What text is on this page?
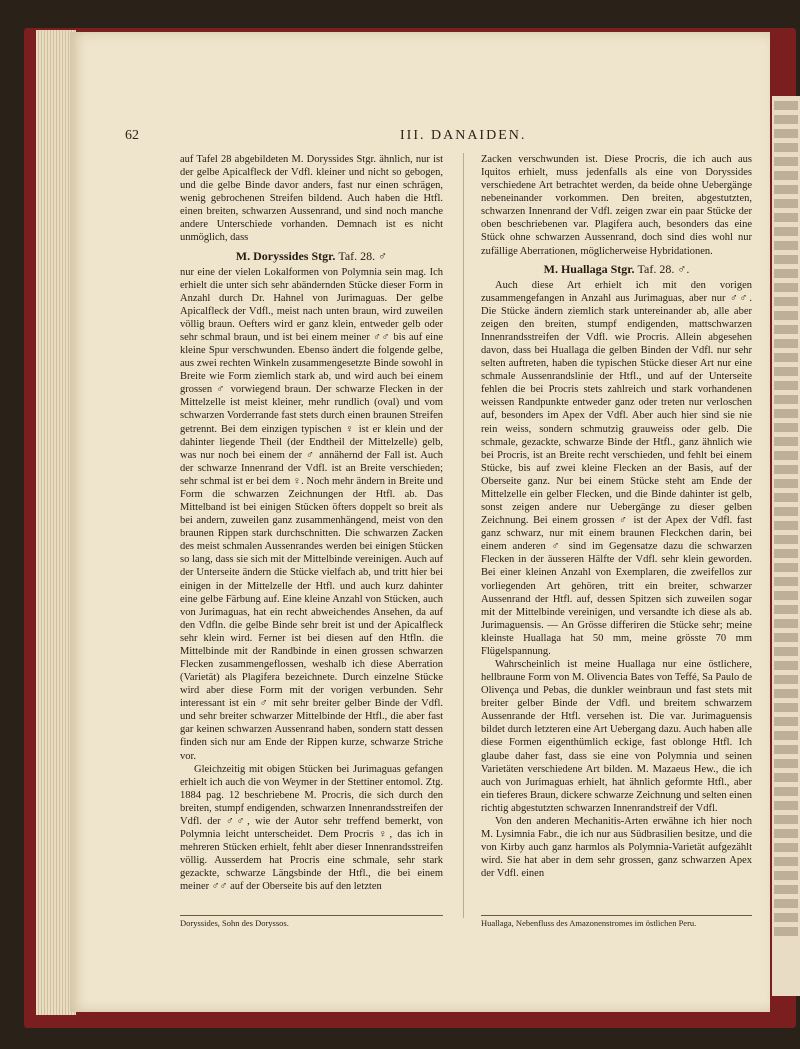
62	III. DANAIDEN.

auf Tafel 28 abgebildeten M. Doryssides Stgr. ähnlich, nur ist der gelbe Apicalfleck der Vdfl. kleiner und nicht so gebogen, und die gelbe Binde davor anders, fast nur einen schrägen, wenig gebrochenen Streifen bildend. Auch haben die Htfl. einen breiten, schwarzen Aussenrand, und sind noch manche andere Unterschiede vorhanden. Demnach ist es nicht unmöglich, dass

M. Doryssides Stgr. Taf. 28. ♂

nur eine der vielen Lokalformen von Polymnia sein mag. Ich erhielt die unter sich sehr abändernden Stücke dieser Form in Anzahl durch Dr. Hahnel von Jurimaguas. Der gelbe Apicalfleck der Vdfl., meist nach unten braun, wird zuweilen völlig braun. Oefters wird er ganz klein, entweder gelb oder sehr schmal braun, und ist bei einem meiner ♂♂ bis auf eine kleine Spur verschwunden. Ebenso ändert die folgende gelbe, aus zwei rechten Winkeln zusammengesetzte Binde sowohl in Breite wie Form ziemlich stark ab, und wird auch bei einem grossen ♂ vorwiegend braun. Der schwarze Flecken in der Mittelzelle ist meist kleiner, mehr rundlich (oval) und vom schwarzen Vorderrande fast stets durch einen braunen Streifen getrennt. Bei dem einzigen typischen ♀ ist er klein und der dahinter liegende Theil (der Endtheil der Mittelzelle) gelb, was nur noch bei einem der ♂ annähernd der Fall ist. Auch der schwarze Innenrand der Vdfl. ist an Breite verschieden; sehr schmal ist er bei dem ♀. Noch mehr ändern in Breite und Form die schwarzen Zeichnungen der Htfl. ab. Das Mittelband ist bei einigen Stücken öfters doppelt so breit als bei andern, zuweilen ganz zusammenhängend, meist von den braunen Rippen stark durchschnitten. Die schwarzen Zacken des meist schmalen Aussenrandes werden bei einigen Stücken so lang, dass sie sich mit der Mittelbinde vereinigen. Auch auf der Unterseite ändern die Stücke vielfach ab, und tritt hier bei einigen in der Mittelzelle der Htfl. und auch kurz dahinter eine gelbe Färbung auf. Eine kleine Anzahl von Stücken, auch von Jurimaguas, hat ein recht abweichendes Ansehen, da auf den Vdfln. die gelbe Binde sehr breit ist und der Apicalfleck sehr klein wird. Ferner ist bei diesen auf den Htfln. die Mittelbinde mit der Randbinde in einen grossen schwarzen Flecken zusammengeflossen, weshalb ich diese Aberration (Varietät) als Plagifera bezeichnete. Durch einzelne Stücke wird aber diese Form mit der vorigen verbunden. Sehr interessant ist ein ♂ mit sehr breiter gelber Binde der Vdfl. und sehr breiter schwarzer Mittelbinde der Htfl., die aber fast gar keinen schwarzen Aussenrand haben, sondern statt dessen finden sich nur am Ende der Rippen kurze, schwarze Striche vor.

Gleichzeitig mit obigen Stücken bei Jurimaguas gefangen erhielt ich auch die von Weymer in der Stettiner entomol. Ztg. 1884 pag. 12 beschriebene M. Procris, die sich durch den breiten, stumpf endigenden, schwarzen Innenrandsstreifen der Vdfl. der ♂♂, wie der Autor sehr treffend bemerkt, von Polymnia leicht unterscheidet. Dem Procris ♀, das ich in mehreren Stücken erhielt, fehlt aber dieser Innenrandsstreifen völlig. Ausserdem hat Procris eine schmale, sehr stark gezackte, schwarze Längsbinde der Htfl., die bei einem meiner ♂♂ auf der Oberseite bis auf den letzten

Zacken verschwunden ist. Diese Procris, die ich auch aus Iquitos erhielt, muss jedenfalls als eine von Doryssides verschiedene Art betrachtet werden, da beide ohne Uebergänge nebeneinander vorkommen. Den breiten, abgestutzten, schwarzen Innenrand der Vdfl. zeigen zwar ein paar Stücke der oben beschriebenen var. Plagifera auch, besonders das eine Stück ohne schwarzen Aussenrand, doch sind dies wohl nur zufällige Aberrationen, möglicherweise Hybridationen.

M. Huallaga Stgr. Taf. 28. ♂.

Auch diese Art erhielt ich mit den vorigen zusammengefangen in Anzahl aus Jurimaguas, aber nur ♂♂. Die Stücke ändern ziemlich stark untereinander ab, alle aber zeigen den breiten, stumpf endigenden, mattschwarzen Innenrandsstreifen der Vdfl. wie Procris. Allein abgesehen davon, dass bei Huallaga die gelben Binden der Vdfl. nur sehr selten auftreten, haben die typischen Stücke dieser Art nur eine schmale Aussenrandslinie der Htfl., und auf der Unterseite fehlen die bei Procris stets zahlreich und stark vorhandenen weissen Randpunkte entweder ganz oder treten nur verloschen auf, besonders im Apex der Vdfl. Aber auch hier sind sie nie rein weiss, sondern schmutzig grauweiss oder gelb. Die schmale, gezackte, schwarze Binde der Htfl., ganz ähnlich wie bei Procris, ist an Breite recht verschieden, und fehlt bei einem Stücke, bis auf zwei kleine Flecken an der Basis, auf der Oberseite ganz. Nur bei einem Stücke steht am Ende der Mittelzelle ein gelber Flecken, und die Binde dahinter ist gelb, sonst zeigen andere nur Uebergänge zu dieser gelben Zeichnung. Bei einem grossen ♂ ist der Apex der Vdfl. fast ganz schwarz, nur mit einem braunen Fleckchen darin, bei einem anderen ♂ sind im Gegensatze dazu die schwarzen Flecken in der äusseren Hälfte der Vdfl. sehr klein geworden. Bei einer kleinen Anzahl von Exemplaren, die zweifellos zur vorliegenden Art gehören, tritt ein breiter, schwarzer Aussenrand der Htfl. auf, dessen Spitzen sich zuweilen sogar mit der Mittelbinde vereinigen, und versandte ich diese als ab. Jurimaguensis. — An Grösse differiren die Stücke sehr; meine kleinste Huallaga hat 50 mm, meine grösste 70 mm Flügelspannung.

Wahrscheinlich ist meine Huallaga nur eine östlichere, hellbraune Form von M. Olivencia Bates von Teffé, Sa Paulo de Olivença und Pebas, die dunkler weinbraun und fast stets mit breiter gelber Binde der Vdfl. und breitem schwarzem Aussenrande der Htfl. versehen ist. Die var. Jurimaguensis bildet durch letzteren eine Art Uebergang dazu. Auch haben alle diese Formen eigenthümlich eckige, fast oblonge Htfl. Ich glaube daher fast, dass sie eine von Polymnia und seinen Varietäten verschiedene Art bilden. M. Mazaeus Hew., die ich auch von Jurimaguas erhielt, hat ähnlich geformte Htfl., aber ein tieferes Braun, dickere schwarze Zeichnung und selten einen richtig abgestutzten schwarzen Innenrandstreif der Vdfl.

Von den anderen Mechanitis-Arten erwähne ich hier noch M. Lysimnia Fabr., die ich nur aus Südbrasilien besitze, und die von Kirby auch ganz harmlos als Polymnia-Varietät aufgezählt wird. Sie hat aber in dem sehr grossen, ganz schwarzen Apex der Vdfl. einen

Doryssides, Sohn des Doryssos.	Huallaga, Nebenfluss des Amazonenstromes im östlichen Peru.
